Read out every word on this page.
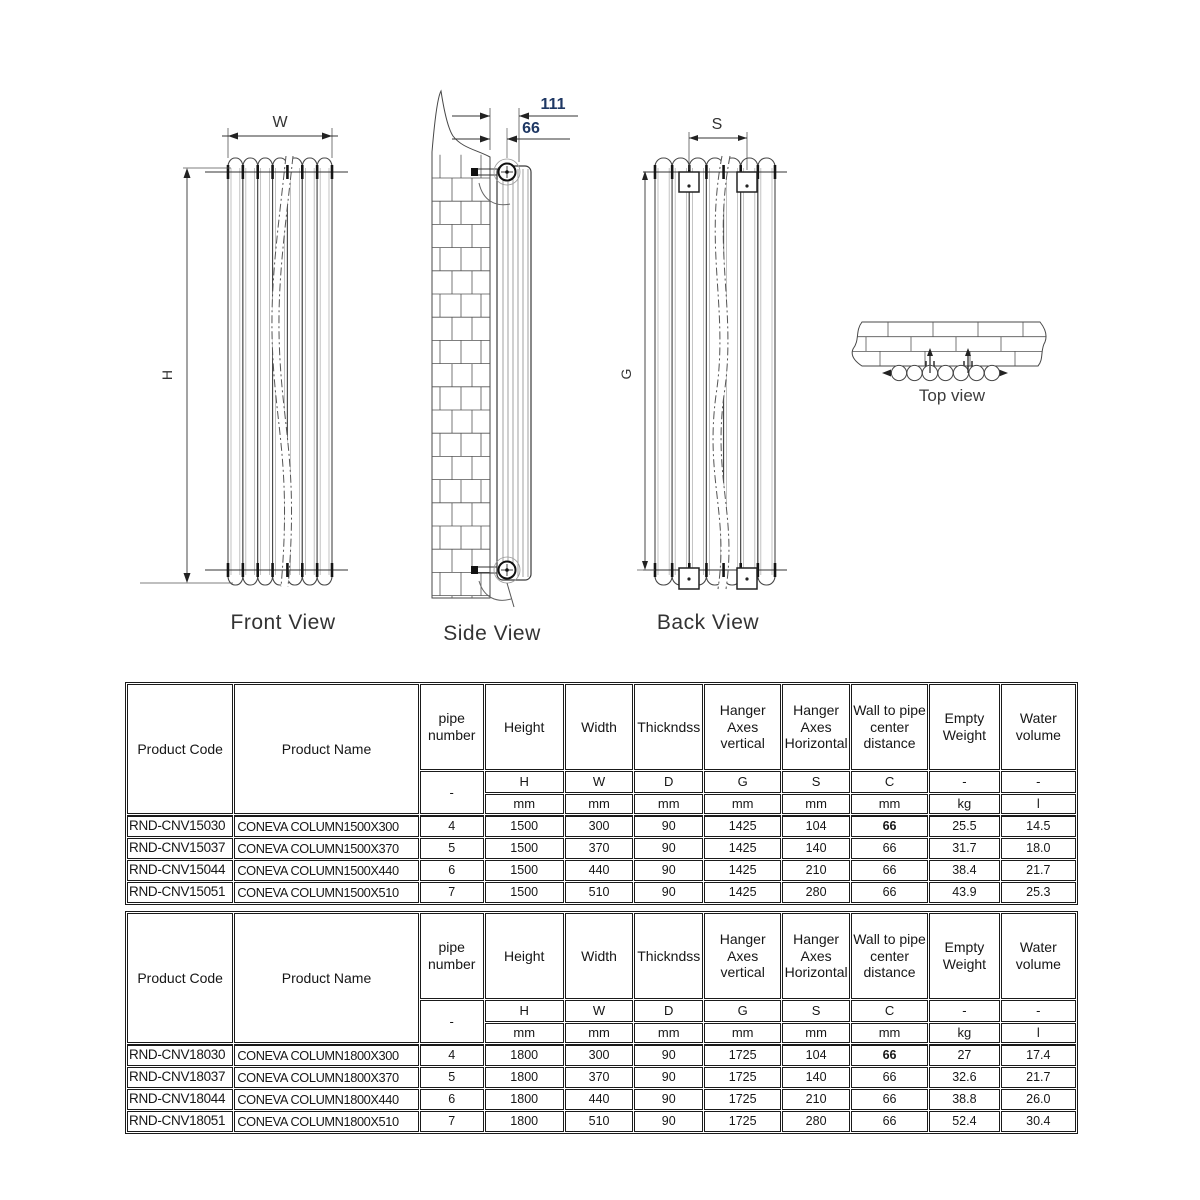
W
H
111
66	S
G
Front View	Side View	Back View
Top view
Product Code	Product Name	pipe number	Height	Width	Thickndss	Hanger Axes vertical	Hanger Axes Horizontal	Wall to pipe center distance	Empty Weight	Water volume
		-	H	W	D	G	S	C	-	-
			mm	mm	mm	mm	mm	mm	kg	l
RND-CNV15030	CONEVA COLUMN1500X300	4	1500	300	90	1425	104	66	25.5	14.5
RND-CNV15037	CONEVA COLUMN1500X370	5	1500	370	90	1425	140	66	31.7	18.0
RND-CNV15044	CONEVA COLUMN1500X440	6	1500	440	90	1425	210	66	38.4	21.7
RND-CNV15051	CONEVA COLUMN1500X510	7	1500	510	90	1425	280	66	43.9	25.3
Product Code	Product Name	pipe number	Height	Width	Thickndss	Hanger Axes vertical	Hanger Axes Horizontal	Wall to pipe center distance	Empty Weight	Water volume
		-	H	W	D	G	S	C	-	-
			mm	mm	mm	mm	mm	mm	kg	l
RND-CNV18030	CONEVA COLUMN1800X300	4	1800	300	90	1725	104	66	27	17.4
RND-CNV18037	CONEVA COLUMN1800X370	5	1800	370	90	1725	140	66	32.6	21.7
RND-CNV18044	CONEVA COLUMN1800X440	6	1800	440	90	1725	210	66	38.8	26.0
RND-CNV18051	CONEVA COLUMN1800X510	7	1800	510	90	1725	280	66	52.4	30.4
